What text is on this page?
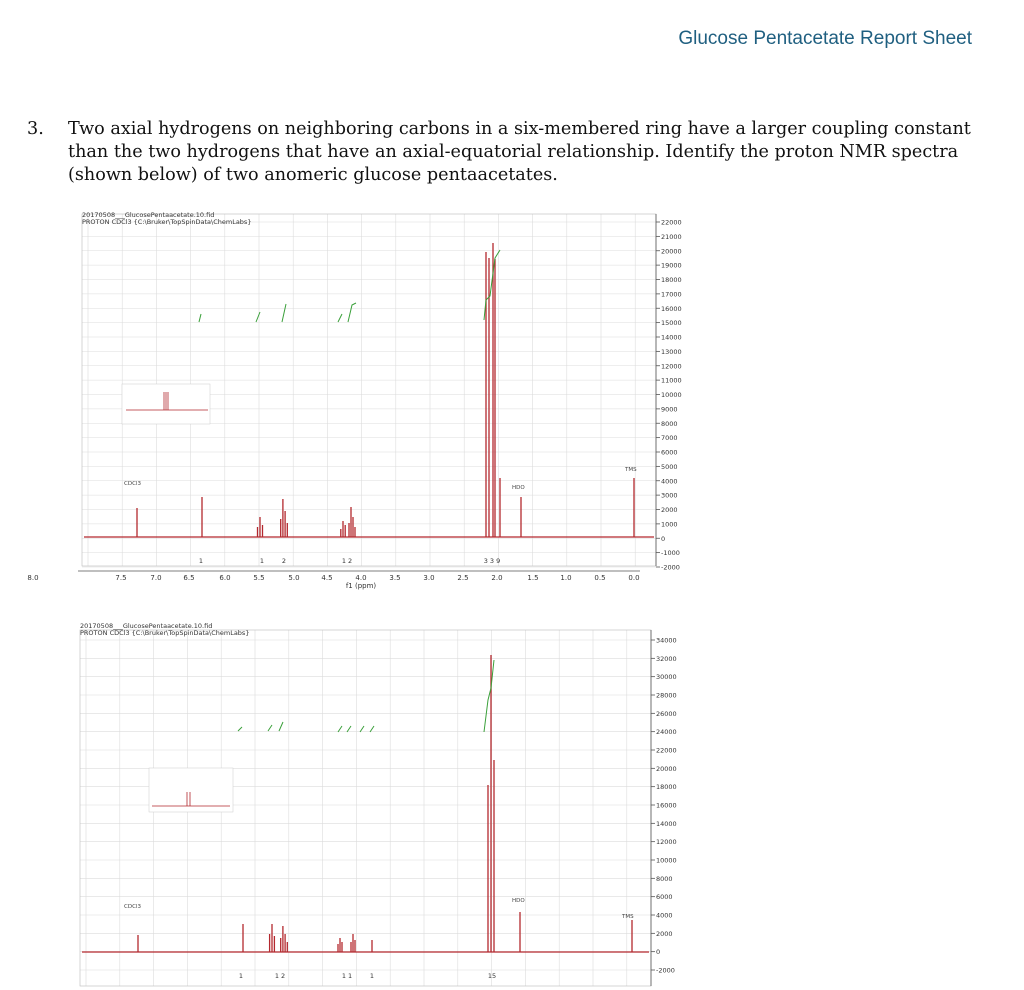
Glucose Pentacetate Report Sheet
3. Two axial hydrogens on neighboring carbons in a six-membered ring have a larger coupling constant than the two hydrogens that have an axial-equatorial relationship. Identify the proton NMR spectra (shown below) of two anomeric glucose pentaacetates.
22000
21000
20000
19000
18000
17000
16000
15000
14000
13000
12000
11000
10000
9000
8000
7000
6000
5000
4000
3000
2000
1000
0
-1000
-2000
8.0	7.5	7.0	6.5	6.0	5.5	5.0	4.5	4.0	3.5	3.0	2.5	2.0	1.5	1.0	0.5	0.0
f1 (ppm)
20170508___GlucosePentaacetate.10.fid
PROTON CDCl3 {C:\Bruker\TopSpinData\ChemLabs}
CDCl3
HDO
TMS
1	1	2	1 2	3 3 9
34000
32000
30000
28000
26000
24000
22000
20000
18000
16000
14000
12000
10000
8000
6000
4000
2000
0
-2000
20170508___GlucosePentaacetate.10.fid
PROTON CDCl3 {C:\Bruker\TopSpinData\ChemLabs}
CDCl3
HDO
TMS
1	1 2	1 1	1	15
